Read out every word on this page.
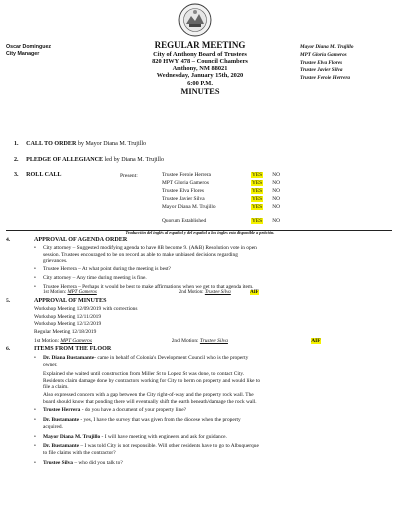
Oscar Dominguez
City Manager
REGULAR MEETING
City of Anthony Board of Trustees
820 HWY 478 – Council Chambers
Anthony, NM 88021
Wednesday, January 15th, 2020
6:00 P.M.
MINUTES
Mayor Diana M. Trujillo
MPT Gloria Gameros
Trustee Elva Flores
Trustee Javier Silva
Trustee Feroie Herrera
1. CALL TO ORDER by Mayor Diana M. Trujillo
2. PLEDGE OF ALLEGIANCE led by Diana M. Trujillo
3. ROLL CALL	Present:	Trustee Feroie Herrera	YES NO
MPT Gloria Gameros	YES NO
Trustee Elva Flores	YES NO
Trustee Javier Silva	YES NO
Mayor Diana M. Trujillo	YES NO
Quorum Established	YES NO
Traducción del inglés al español y del español a los ingles esta disponible a petición.
4.	APPROVAL OF AGENDA ORDER
• City attorney – Suggested modifying agenda to have 8B become 9. (A&B) Resolution vote in open
session. Trustees encouraged to be on record as able to make unbiased decisions regarding
grievances.
• Trustee Herrera – At what point during the meeting is best?
• City attorney – Any time during meeting is fine.
• Trustee Herrera – Perhaps it would be best to make affirmations when we get to that agenda item.
1st Motion: MPT Gameros	2nd Motion: Trustee Silva	AIF
5.	APPROVAL OF MINUTES
Workshop Meeting 12/09/2019 with corrections
Workshop Meeting 12/11/2019
Workshop Meeting 12/12/2019
Regular Meeting 12/18/2019
1st Motion: MPT Gameros	2nd Motion: Trustee Silva	AIF
6.	ITEMS FROM THE FLOOR
• Dr. Diana Bustamante- came in behalf of Colonia's Development Council who is the property
owner.
Explained she waited until construction from Miller St to Lopez St was done, to contact City.
Residents claim damage done by contractors working for City to berm on property and would like to
file a claim.
Also expressed concern with a gap between the City right-of-way and the property rock wall. The
board should know that ponding there will eventually shift the earth beneath/damage the rock wall.
• Trustee Herrera - do you have a document of your property line?
• Dr. Bustamante - yes, I have the survey that was given from the diocese when the property
acquired.
• Mayor Diana M. Trujillo - I will have meeting with engineers and ask for guidance.
• Dr. Bustamante – I was told City is not responsible. Will other residents have to go to Albuquerque
to file claims with the contractor?
• Trustee Silva – who did you talk to?
